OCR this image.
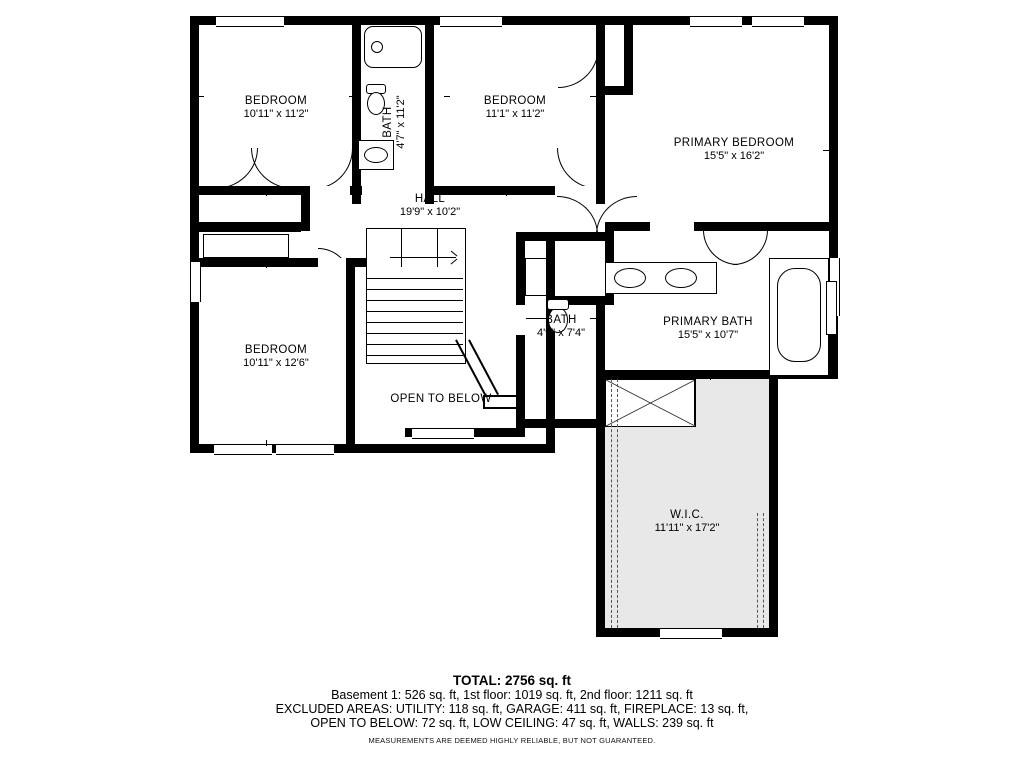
BEDROOM
10'11" x 11'2"	BATH 4'7" x 11'2"	BEDROOM
11'1" x 11'2"
PRIMARY BEDROOM
15'5" x 16'2"
HALL
19'9" x 10'2"
BEDROOM
10'11" x 12'6"
BATH
4'9" x 7'4"
PRIMARY BATH
15'5" x 10'7"
W.I.C.
11'11" x 17'2"
OPEN TO BELOW
TOTAL: 2756 sq. ft
Basement 1: 526 sq. ft, 1st floor: 1019 sq. ft, 2nd floor: 1211 sq. ft
EXCLUDED AREAS: UTILITY: 118 sq. ft, GARAGE: 411 sq. ft, FIREPLACE: 13 sq. ft,
OPEN TO BELOW: 72 sq. ft, LOW CEILING: 47 sq. ft, WALLS: 239 sq. ft
MEASUREMENTS ARE DEEMED HIGHLY RELIABLE, BUT NOT GUARANTEED.
